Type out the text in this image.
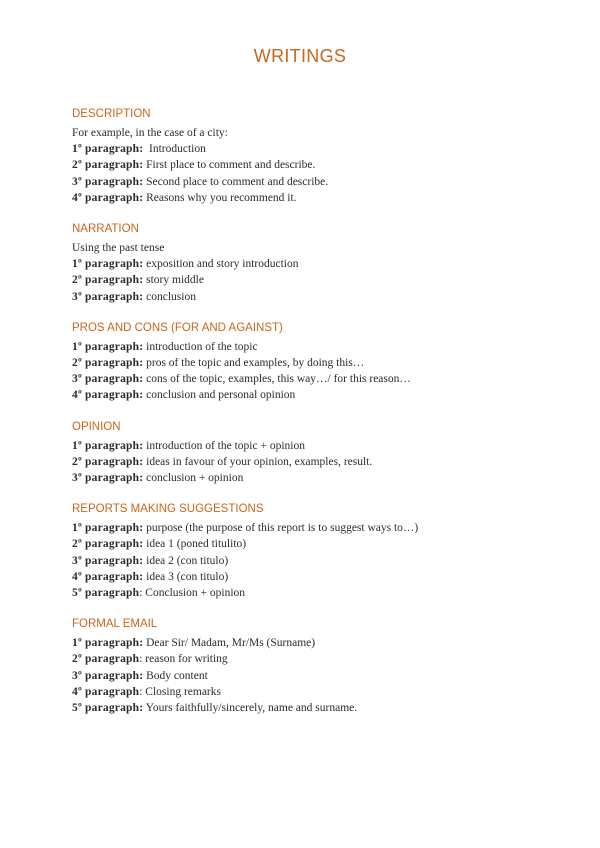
WRITINGS
DESCRIPTION
For example, in the case of a city:
1º paragraph:  Introduction
2º paragraph: First place to comment and describe.
3º paragraph: Second place to comment and describe.
4º paragraph: Reasons why you recommend it.
NARRATION
Using the past tense
1º paragraph: exposition and story introduction
2º paragraph: story middle
3º paragraph: conclusion
PROS AND CONS (FOR AND AGAINST)
1º paragraph: introduction of the topic
2º paragraph: pros of the topic and examples, by doing this…
3º paragraph: cons of the topic, examples, this way…/ for this reason…
4º paragraph: conclusion and personal opinion
OPINION
1º paragraph: introduction of the topic + opinion
2º paragraph: ideas in favour of your opinion, examples, result.
3º paragraph: conclusion + opinion
REPORTS MAKING SUGGESTIONS
1º paragraph: purpose (the purpose of this report is to suggest ways to…)
2º paragraph: idea 1 (poned titulito)
3º paragraph: idea 2 (con titulo)
4º paragraph: idea 3 (con titulo)
5º paragraph: Conclusion + opinion
FORMAL EMAIL
1º paragraph: Dear Sir/ Madam, Mr/Ms (Surname)
2º paragraph: reason for writing
3º paragraph: Body content
4º paragraph: Closing remarks
5º paragraph: Yours faithfully/sincerely, name and surname.
